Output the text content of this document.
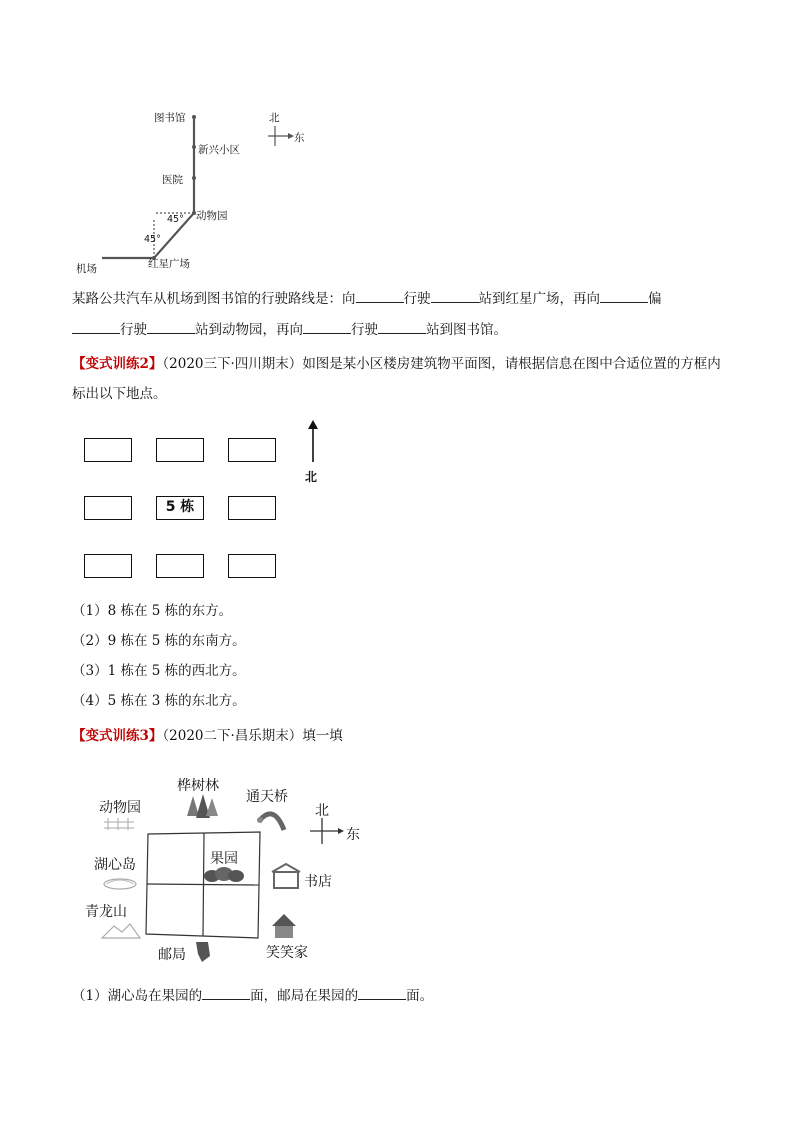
图书馆
新兴小区
医院
动物园
45°
45°
红星广场
机场
北
东
某路公共汽车从机场到图书馆的行驶路线是：向	行驶	站到红星广场，再向	偏
行驶	站到动物园，再向	行驶	站到图书馆。
【变式训练2】（2020三下·四川期末）如图是某小区楼房建筑物平面图，请根据信息在图中合适位置的方框内标出以下地点。
5 栋
北
（1）8 栋在 5 栋的东方。
（2）9 栋在 5 栋的东南方。
（3）1 栋在 5 栋的西北方。
（4）5 栋在 3 栋的东北方。
【变式训练3】（2020二下·昌乐期末）填一填
桦树林
通天桥
动物园
湖心岛	果园
书店
青龙山
邮局	笑笑家
北
东
（1）湖心岛在果园的	面，邮局在果园的	面。
